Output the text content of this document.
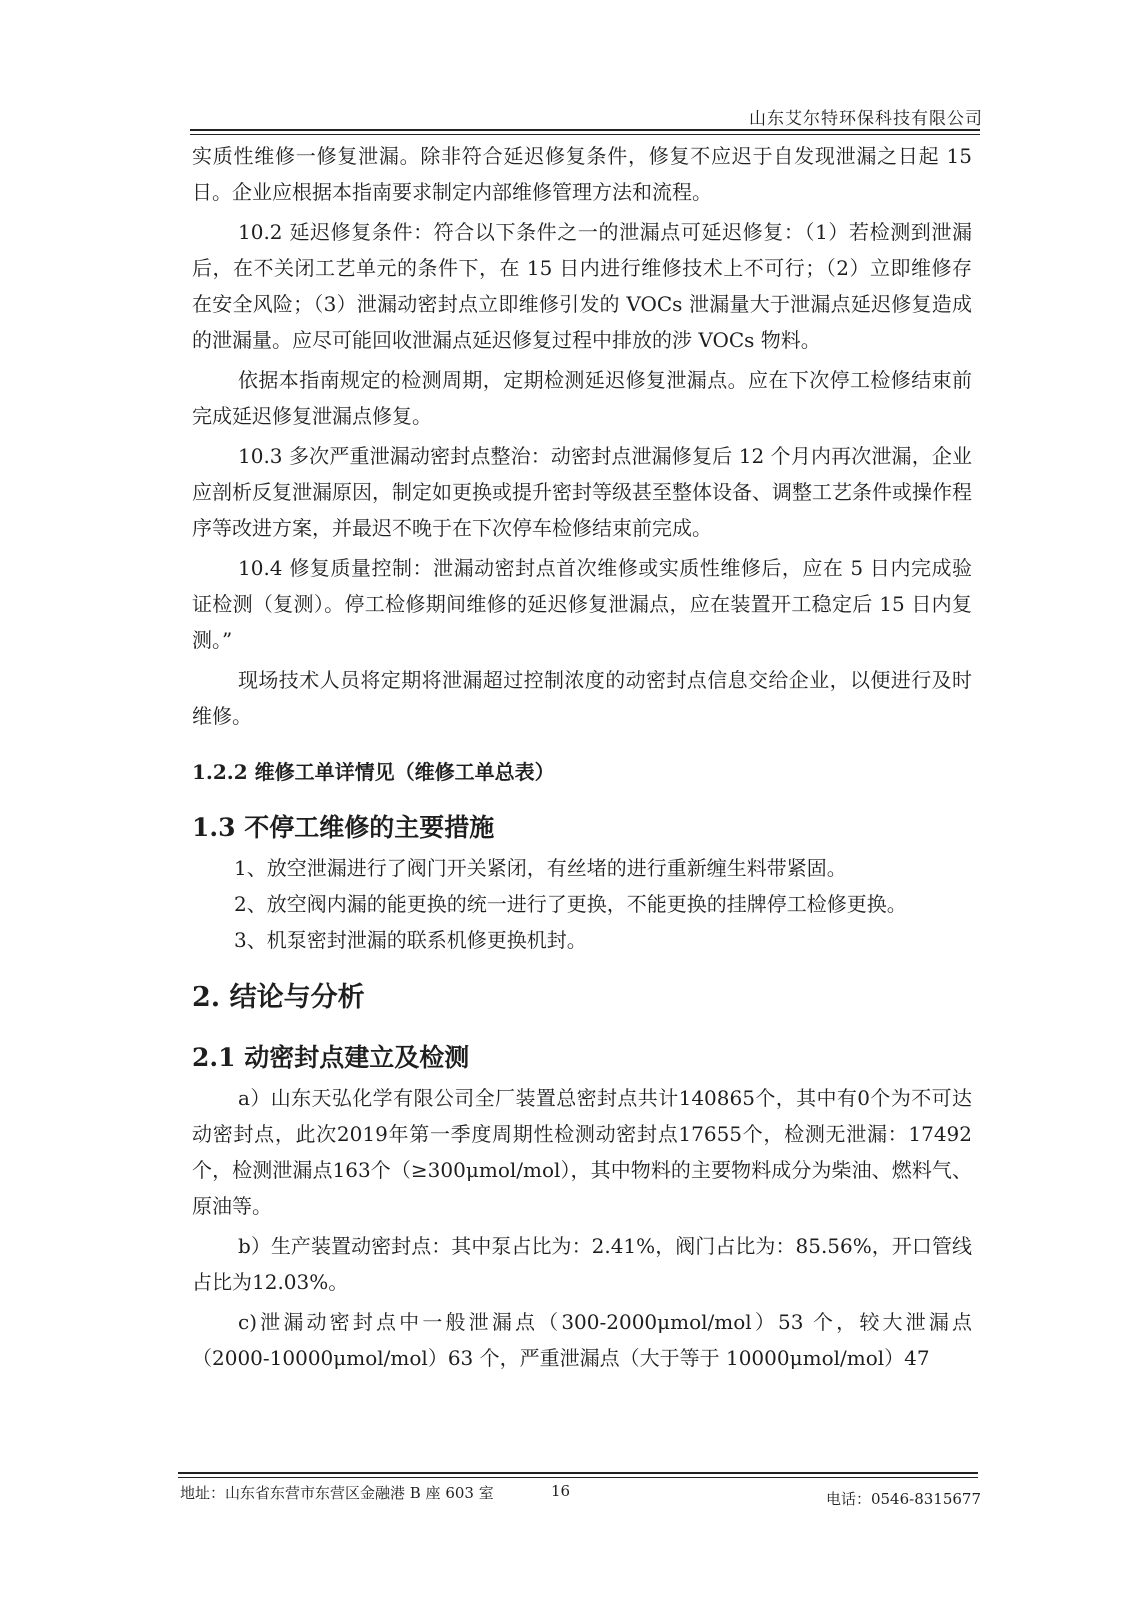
山东艾尔特环保科技有限公司

实质性维修一修复泄漏。除非符合延迟修复条件，修复不应迟于自发现泄漏之日起 15 日。企业应根据本指南要求制定内部维修管理方法和流程。

10.2 延迟修复条件：符合以下条件之一的泄漏点可延迟修复：（1）若检测到泄漏后，在不关闭工艺单元的条件下，在 15 日内进行维修技术上不可行；（2）立即维修存在安全风险；（3）泄漏动密封点立即维修引发的 VOCs 泄漏量大于泄漏点延迟修复造成的泄漏量。应尽可能回收泄漏点延迟修复过程中排放的涉 VOCs 物料。

依据本指南规定的检测周期，定期检测延迟修复泄漏点。应在下次停工检修结束前完成延迟修复泄漏点修复。

10.3 多次严重泄漏动密封点整治：动密封点泄漏修复后 12 个月内再次泄漏，企业应剖析反复泄漏原因，制定如更换或提升密封等级甚至整体设备、调整工艺条件或操作程序等改进方案，并最迟不晚于在下次停车检修结束前完成。

10.4 修复质量控制：泄漏动密封点首次维修或实质性维修后，应在 5 日内完成验证检测（复测）。停工检修期间维修的延迟修复泄漏点，应在装置开工稳定后 15 日内复测。”

现场技术人员将定期将泄漏超过控制浓度的动密封点信息交给企业，以便进行及时维修。

1.2.2 维修工单详情见（维修工单总表）
1.3 不停工维修的主要措施

1、放空泄漏进行了阀门开关紧闭，有丝堵的进行重新缠生料带紧固。

2、放空阀内漏的能更换的统一进行了更换，不能更换的挂牌停工检修更换。

3、机泵密封泄漏的联系机修更换机封。

2. 结论与分析
2.1 动密封点建立及检测

a）山东天弘化学有限公司全厂装置总密封点共计140865个，其中有0个为不可达动密封点，此次2019年第一季度周期性检测动密封点17655个，检测无泄漏：17492个，检测泄漏点163个（≥300μmol/mol），其中物料的主要物料成分为柴油、燃料气、原油等。

b）生产装置动密封点：其中泵占比为：2.41%，阀门占比为：85.56%，开口管线占比为12.03%。

c)泄漏动密封点中一般泄漏点（300-2000μmol/mol）53 个，较大泄漏点（2000-10000μmol/mol）63 个，严重泄漏点（大于等于 10000μmol/mol）47

地址：山东省东营市东营区金融港 B 座 603 室	16	电话：0546-8315677
